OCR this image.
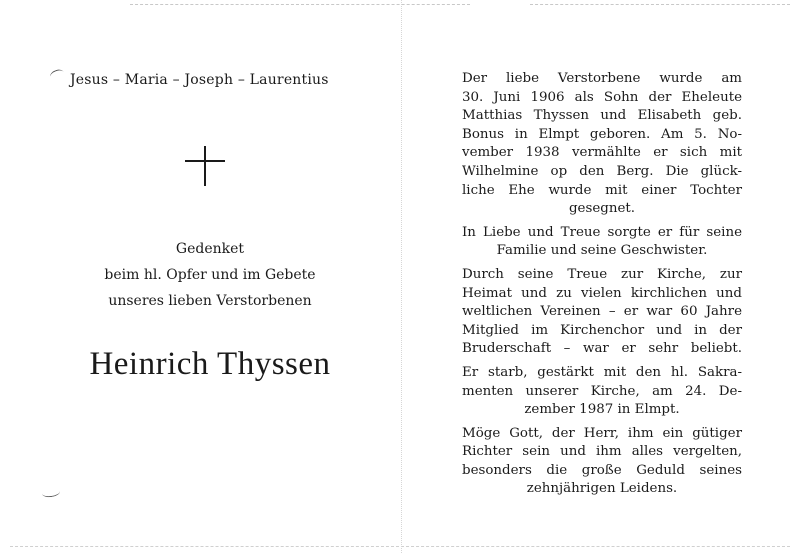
Jesus – Maria – Joseph – Laurentius
Gedenket
beim hl. Opfer und im Gebete
unseres lieben Verstorbenen
Heinrich Thyssen

Der liebe Verstorbene wurde am
30. Juni 1906 als Sohn der Eheleute
Matthias Thyssen und Elisabeth geb.
Bonus in Elmpt geboren. Am 5. No-
vember 1938 vermählte er sich mit
Wilhelmine op den Berg. Die glück-
liche Ehe wurde mit einer Tochter
gesegnet.

In Liebe und Treue sorgte er für seine
Familie und seine Geschwister.

Durch seine Treue zur Kirche, zur
Heimat und zu vielen kirchlichen und
weltlichen Vereinen – er war 60 Jahre
Mitglied im Kirchenchor und in der
Bruderschaft – war er sehr beliebt.

Er starb, gestärkt mit den hl. Sakra-
menten unserer Kirche, am 24. De-
zember 1987 in Elmpt.

Möge Gott, der Herr, ihm ein gütiger
Richter sein und ihm alles vergelten,
besonders die große Geduld seines
zehnjährigen Leidens.
